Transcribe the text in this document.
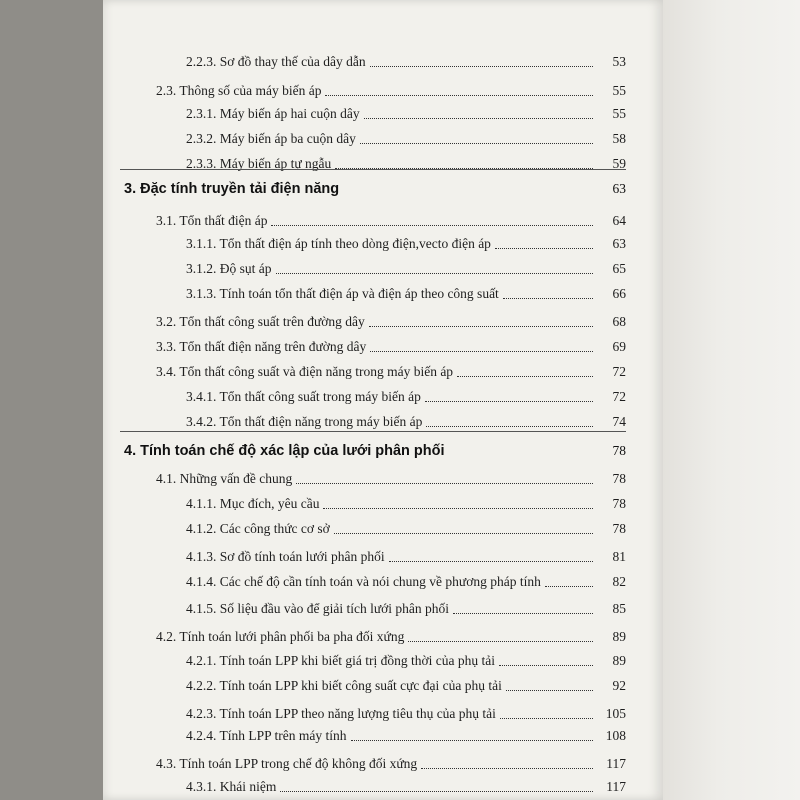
2.2.3. Sơ đồ thay thế của dây dẫn	53
2.3. Thông số của máy biến áp	55
2.3.1. Máy biến áp hai cuộn dây	55
2.3.2. Máy biến áp ba cuộn dây	58
2.3.3. Máy biến áp tự ngẫu	59
3. Đặc tính truyền tải điện năng	63
3.1. Tổn thất điện áp	64
3.1.1. Tổn thất điện áp tính theo dòng điện,vecto điện áp	63
3.1.2. Độ sụt áp	65
3.1.3. Tính toán tổn thất điện áp và điện áp theo công suất	66
3.2. Tổn thất công suất trên đường dây	68
3.3. Tổn thất điện năng trên đường dây	69
3.4. Tổn thất công suất và điện năng trong máy biến áp	72
3.4.1. Tổn thất công suất trong máy biến áp	72
3.4.2. Tổn thất điện năng trong máy biến áp	74
4. Tính toán chế độ xác lập của lưới phân phối	78
4.1. Những vấn đề chung	78
4.1.1. Mục đích, yêu cầu	78
4.1.2. Các công thức cơ sở	78
4.1.3. Sơ đồ tính toán lưới phân phối	81
4.1.4. Các chế độ cần tính toán và nói chung về phương pháp tính	82
4.1.5. Số liệu đầu vào để giải tích lưới phân phối	85
4.2. Tính toán lưới phân phối ba pha đối xứng	89
4.2.1. Tính toán LPP khi biết giá trị đồng thời của phụ tải	89
4.2.2. Tính toán LPP khi biết công suất cực đại của phụ tải	92
4.2.3. Tính toán LPP theo năng lượng tiêu thụ của phụ tải	105
4.2.4. Tính LPP trên máy tính	108
4.3. Tính toán LPP trong chế độ không đối xứng	117
4.3.1. Khái niệm	117
